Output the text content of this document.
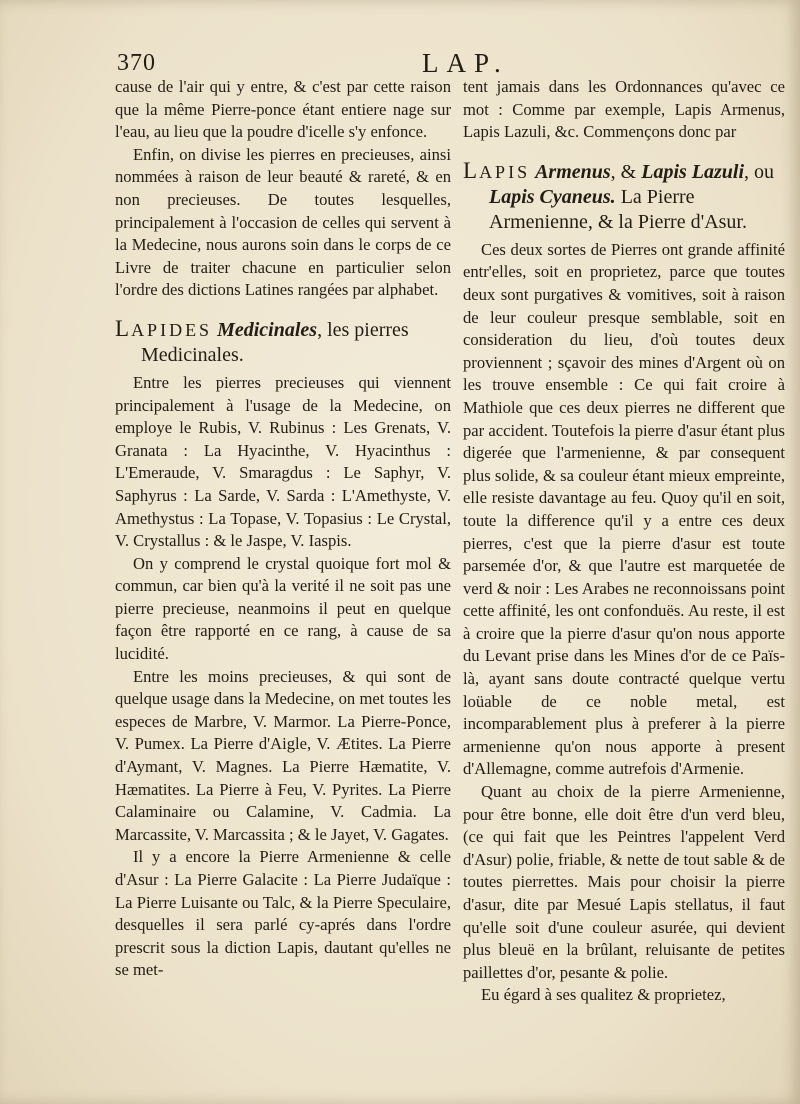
370	LAP.

cause de l'air qui y entre, & c'est par cette raison que la même Pierre-ponce étant entiere nage sur l'eau, au lieu que la poudre d'icelle s'y enfonce.

Enfin, on divise les pierres en precieuses, ainsi nommées à raison de leur beauté & rareté, & en non precieuses. De toutes lesquelles, principalement à l'occasion de celles qui servent à la Medecine, nous aurons soin dans le corps de ce Livre de traiter chacune en particulier selon l'ordre des dictions Latines rangées par alphabet.

LAPIDES Medicinales, les pierres Medicinales.

Entre les pierres precieuses qui viennent principalement à l'usage de la Medecine, on employe le Rubis, V. Rubinus : Les Grenats, V. Granata : La Hyacinthe, V. Hyacinthus : L'Emeraude, V. Smaragdus : Le Saphyr, V. Saphyrus : La Sarde, V. Sarda : L'Amethyste, V. Amethystus : La Topase, V. Topasius : Le Crystal, V. Crystallus : & le Jaspe, V. Iaspis.

On y comprend le crystal quoique fort mol & commun, car bien qu'à la verité il ne soit pas une pierre precieuse, neanmoins il peut en quelque façon être rapporté en ce rang, à cause de sa lucidité.

Entre les moins precieuses, & qui sont de quelque usage dans la Medecine, on met toutes les especes de Marbre, V. Marmor. La Pierre-Ponce, V. Pumex. La Pierre d'Aigle, V. Ætites. La Pierre d'Aymant, V. Magnes. La Pierre Hæmatite, V. Hæmatites. La Pierre à Feu, V. Pyrites. La Pierre Calaminaire ou Calamine, V. Cadmia. La Marcassite, V. Marcassita ; & le Jayet, V. Gagates.

Il y a encore la Pierre Armenienne & celle d'Asur : La Pierre Galacite : La Pierre Judaïque : La Pierre Luisante ou Talc, & la Pierre Speculaire, desquelles il sera parlé cy-aprés dans l'ordre prescrit sous la diction Lapis, dautant qu'elles ne se met-

tent jamais dans les Ordonnances qu'avec ce mot : Comme par exemple, Lapis Armenus, Lapis Lazuli, &c. Commençons donc par

LAPIS Armenus, & Lapis Lazuli, ou Lapis Cyaneus. La Pierre Armenienne, & la Pierre d'Asur.

Ces deux sortes de Pierres ont grande affinité entr'elles, soit en proprietez, parce que toutes deux sont purgatives & vomitives, soit à raison de leur couleur presque semblable, soit en consideration du lieu, d'où toutes deux proviennent ; sçavoir des mines d'Argent où on les trouve ensemble : Ce qui fait croire à Mathiole que ces deux pierres ne different que par accident. Toutefois la pierre d'asur étant plus digerée que l'armenienne, & par consequent plus solide, & sa couleur étant mieux empreinte, elle resiste davantage au feu. Quoy qu'il en soit, toute la difference qu'il y a entre ces deux pierres, c'est que la pierre d'asur est toute parsemée d'or, & que l'autre est marquetée de verd & noir : Les Arabes ne reconnoissans point cette affinité, les ont confonduës. Au reste, il est à croire que la pierre d'asur qu'on nous apporte du Levant prise dans les Mines d'or de ce Païs-là, ayant sans doute contracté quelque vertu loüable de ce noble metal, est incomparablement plus à preferer à la pierre armenienne qu'on nous apporte à present d'Allemagne, comme autrefois d'Armenie.

Quant au choix de la pierre Armenienne, pour être bonne, elle doit être d'un verd bleu, (ce qui fait que les Peintres l'appelent Verd d'Asur) polie, friable, & nette de tout sable & de toutes pierrettes. Mais pour choisir la pierre d'asur, dite par Mesué Lapis stellatus, il faut qu'elle soit d'une couleur asurée, qui devient plus bleuë en la brûlant, reluisante de petites paillettes d'or, pesante & polie.

Eu égard à ses qualitez & proprietez,
